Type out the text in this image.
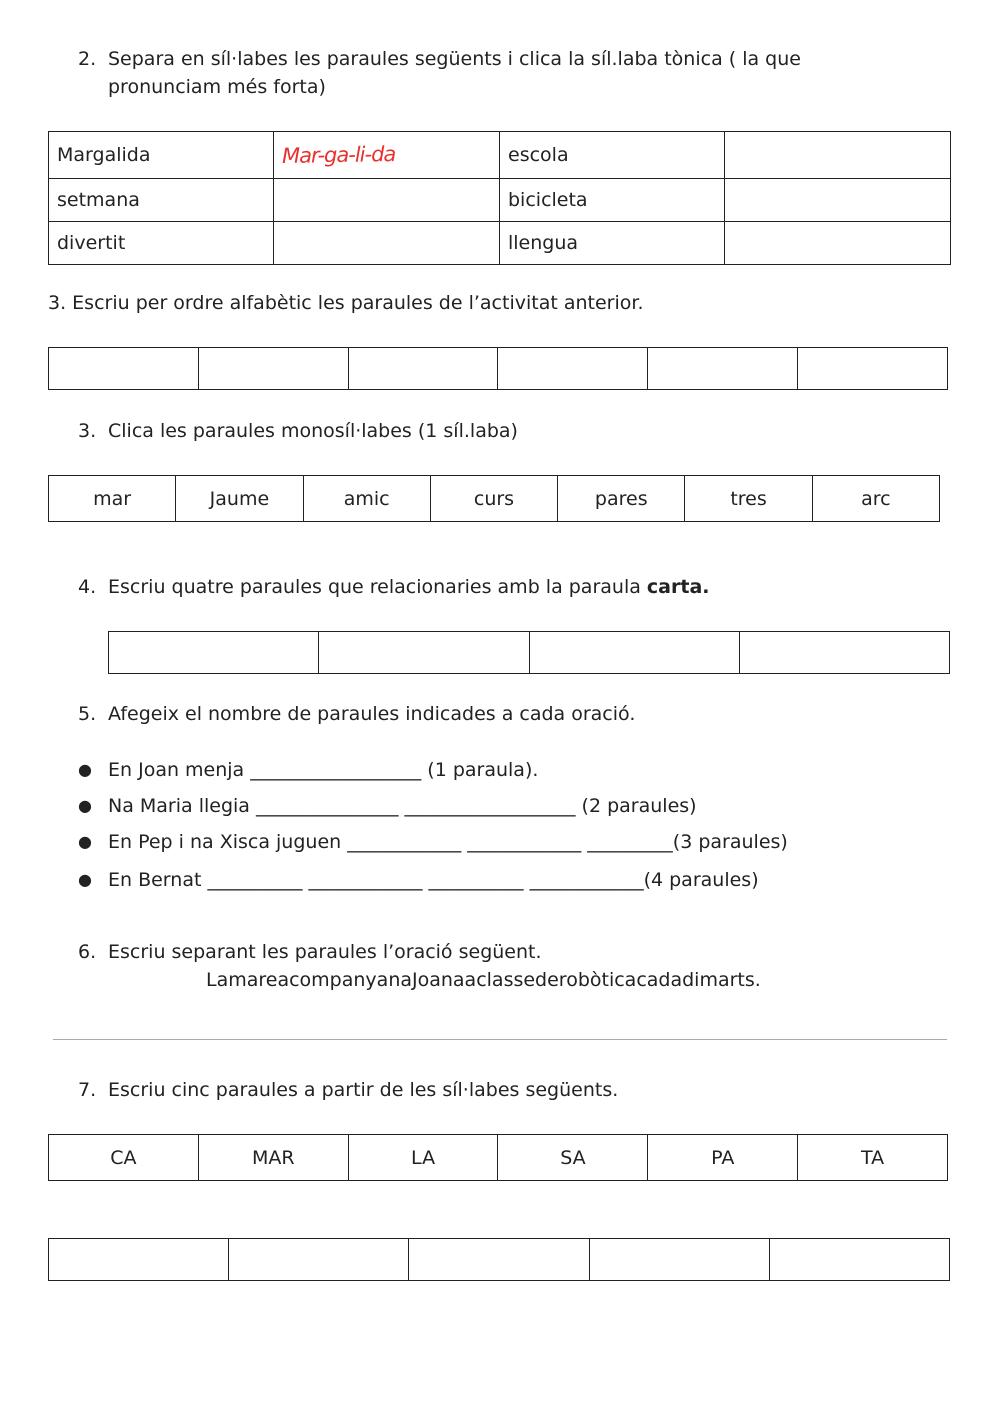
2. Separa en síl·labes les paraules següents i clica la síl.laba tònica ( la que
pronunciam més forta)
Margalida	Mar-ga-li-da	escola	
setmana		bicicleta	
divertit		llengua	
3. Escriu per ordre alfabètic les paraules de l’activitat anterior.

3. Clica les paraules monosíl·labes (1 síl.laba)
mar	Jaume	amic	curs	pares	tres	arc
4. Escriu quatre paraules que relacionaries amb la paraula carta.

5. Afegeix el nombre de paraules indicades a cada oració.
● En Joan menja __________________ (1 paraula).
● Na Maria llegia _______________ __________________ (2 paraules)
● En Pep i na Xisca juguen ____________ ____________ _________(3 paraules)
● En Bernat __________ ____________ __________ ____________(4 paraules)
6. Escriu separant les paraules l’oració següent.
LamareacompanyanaJoanaaclassederobòticacadadimarts.
7. Escriu cinc paraules a partir de les síl·labes següents.
CA	MAR	LA	SA	PA	TA
